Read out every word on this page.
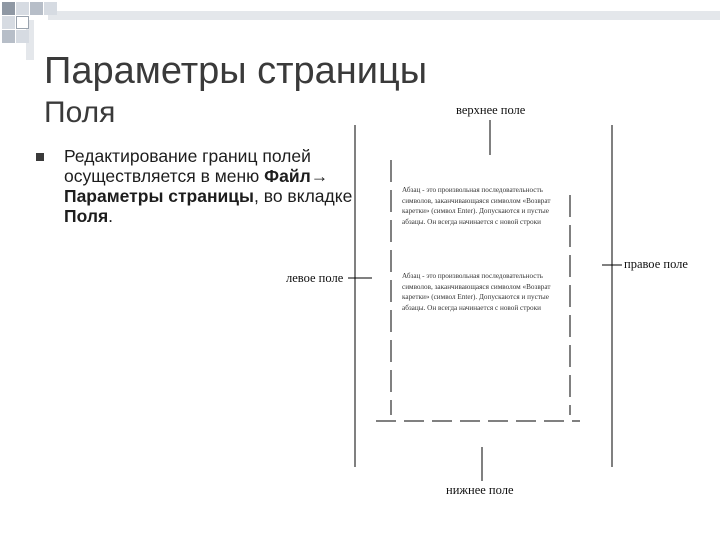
Параметры страницы
Поля
Редактирование границ полей осуществляется в меню Файл→ Параметры страницы, во вкладке Поля.
верхнее поле
левое поле
правое поле
нижнее поле
Абзац - это произвольная последовательность символов, заканчивающаяся символом «Возврат каретки» (символ Enter). Допускаются и пустые абзацы. Он всегда начинается с новой строки
Абзац - это произвольная последовательность символов, заканчивающаяся символом «Возврат каретки» (символ Enter). Допускаются и пустые абзацы. Он всегда начинается с новой строки
